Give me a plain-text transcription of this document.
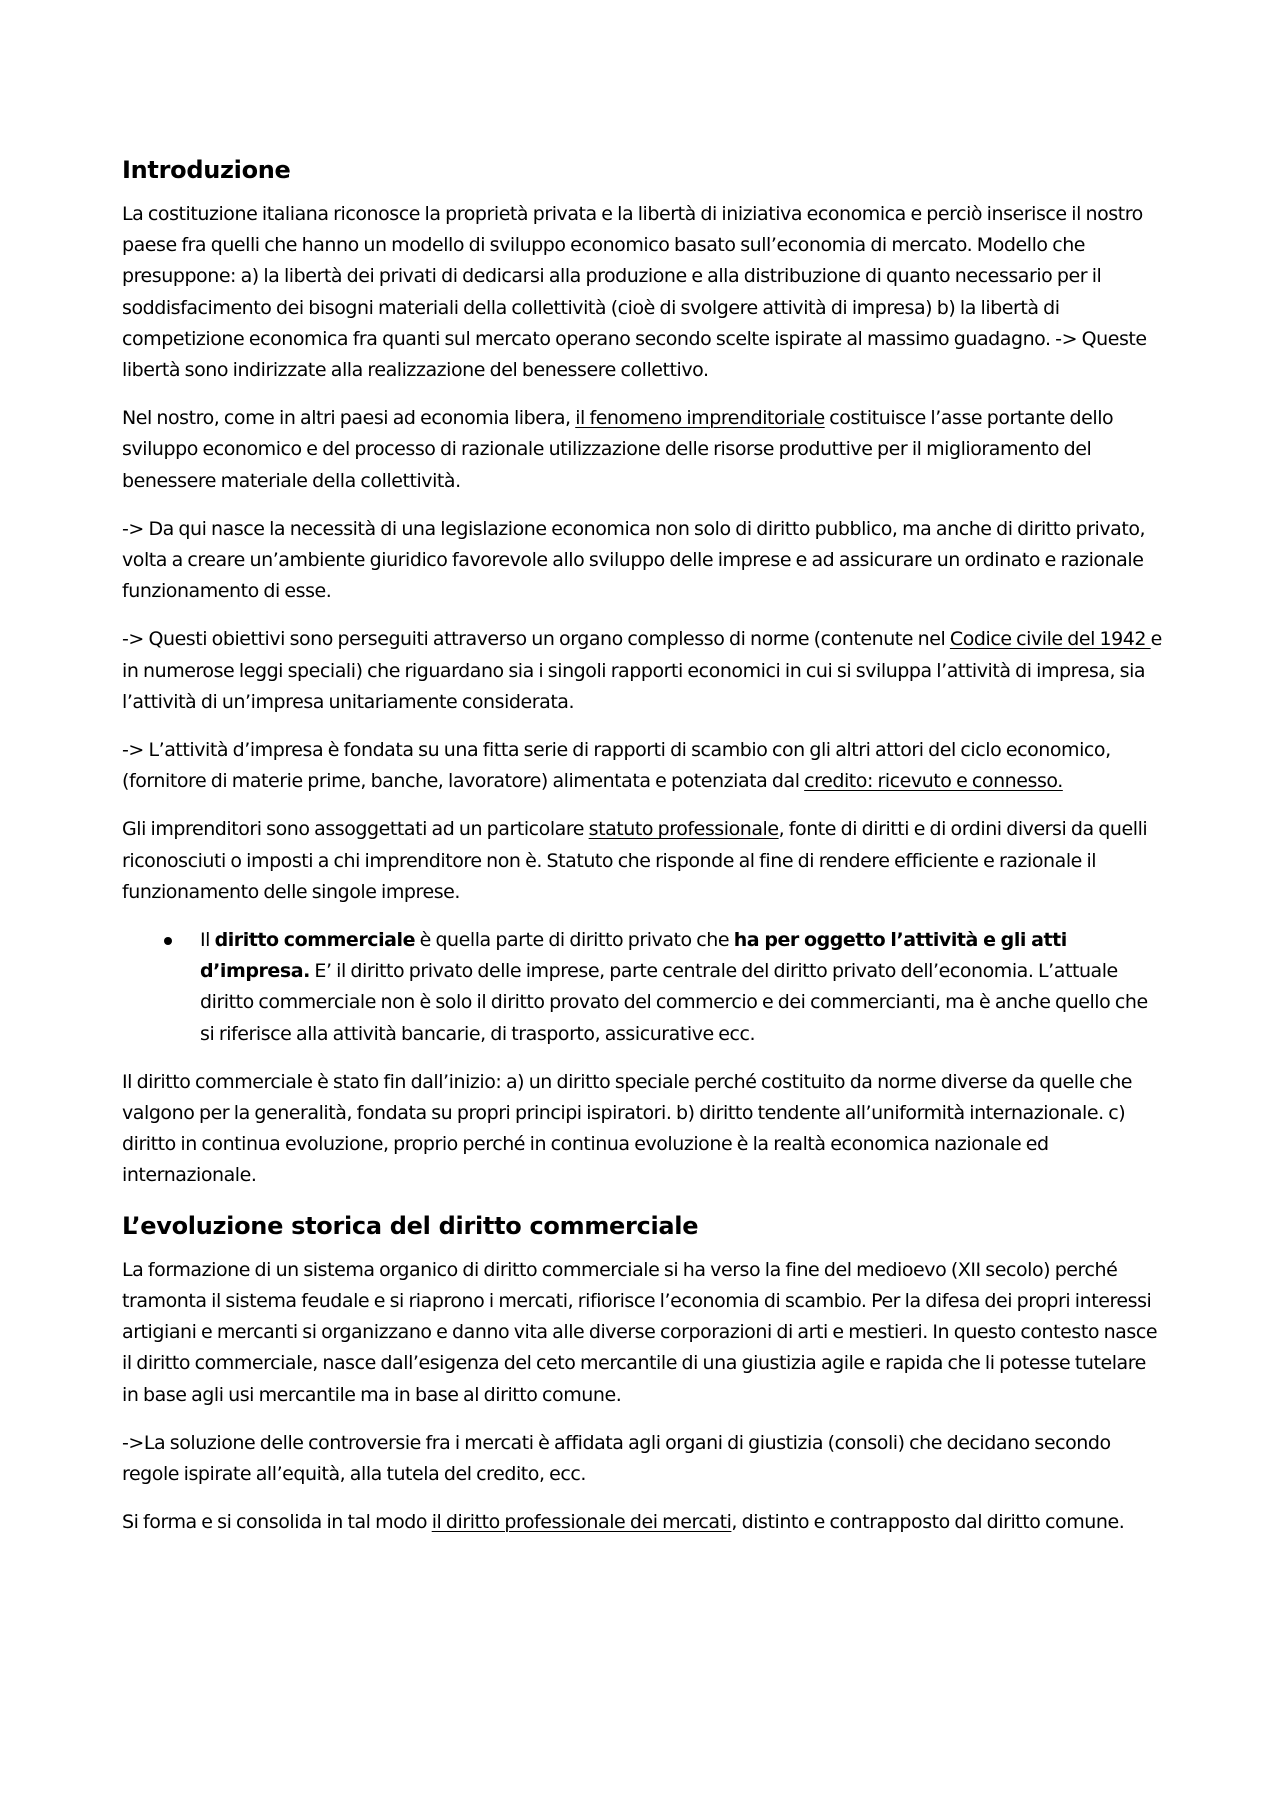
Introduzione

La costituzione italiana riconosce la proprietà privata e la libertà di iniziativa economica e perciò inserisce il nostro paese fra quelli che hanno un modello di sviluppo economico basato sull’economia di mercato. Modello che presuppone: a) la libertà dei privati di dedicarsi alla produzione e alla distribuzione di quanto necessario per il soddisfacimento dei bisogni materiali della collettività (cioè di svolgere attività di impresa) b) la libertà di competizione economica fra quanti sul mercato operano secondo scelte ispirate al massimo guadagno. -> Queste libertà sono indirizzate alla realizzazione del benessere collettivo.

Nel nostro, come in altri paesi ad economia libera, il fenomeno imprenditoriale costituisce l’asse portante dello sviluppo economico e del processo di razionale utilizzazione delle risorse produttive per il miglioramento del benessere materiale della collettività.

-> Da qui nasce la necessità di una legislazione economica non solo di diritto pubblico, ma anche di diritto privato, volta a creare un’ambiente giuridico favorevole allo sviluppo delle imprese e ad assicurare un ordinato e razionale funzionamento di esse.

-> Questi obiettivi sono perseguiti attraverso un organo complesso di norme (contenute nel Codice civile del 1942 e in numerose leggi speciali) che riguardano sia i singoli rapporti economici in cui si sviluppa l’attività di impresa, sia l’attività di un’impresa unitariamente considerata.

-> L’attività d’impresa è fondata su una fitta serie di rapporti di scambio con gli altri attori del ciclo economico, (fornitore di materie prime, banche, lavoratore) alimentata e potenziata dal credito: ricevuto e connesso.

Gli imprenditori sono assoggettati ad un particolare statuto professionale, fonte di diritti e di ordini diversi da quelli riconosciuti o imposti a chi imprenditore non è. Statuto che risponde al fine di rendere efficiente e razionale il funzionamento delle singole imprese.

Il diritto commerciale è quella parte di diritto privato che ha per oggetto l’attività e gli atti d’impresa. E’ il diritto privato delle imprese, parte centrale del diritto privato dell’economia. L’attuale diritto commerciale non è solo il diritto provato del commercio e dei commercianti, ma è anche quello che si riferisce alla attività bancarie, di trasporto, assicurative ecc.

Il diritto commerciale è stato fin dall’inizio: a) un diritto speciale perché costituito da norme diverse da quelle che valgono per la generalità, fondata su propri principi ispiratori. b) diritto tendente all’uniformità internazionale. c) diritto in continua evoluzione, proprio perché in continua evoluzione è la realtà economica nazionale ed internazionale.

L’evoluzione storica del diritto commerciale

La formazione di un sistema organico di diritto commerciale si ha verso la fine del medioevo (XII secolo) perché tramonta il sistema feudale e si riaprono i mercati, rifiorisce l’economia di scambio. Per la difesa dei propri interessi artigiani e mercanti si organizzano e danno vita alle diverse corporazioni di arti e mestieri. In questo contesto nasce il diritto commerciale, nasce dall’esigenza del ceto mercantile di una giustizia agile e rapida che li potesse tutelare in base agli usi mercantile ma in base al diritto comune.

->La soluzione delle controversie fra i mercati è affidata agli organi di giustizia (consoli) che decidano secondo regole ispirate all’equità, alla tutela del credito, ecc.

Si forma e si consolida in tal modo il diritto professionale dei mercati, distinto e contrapposto dal diritto comune.
